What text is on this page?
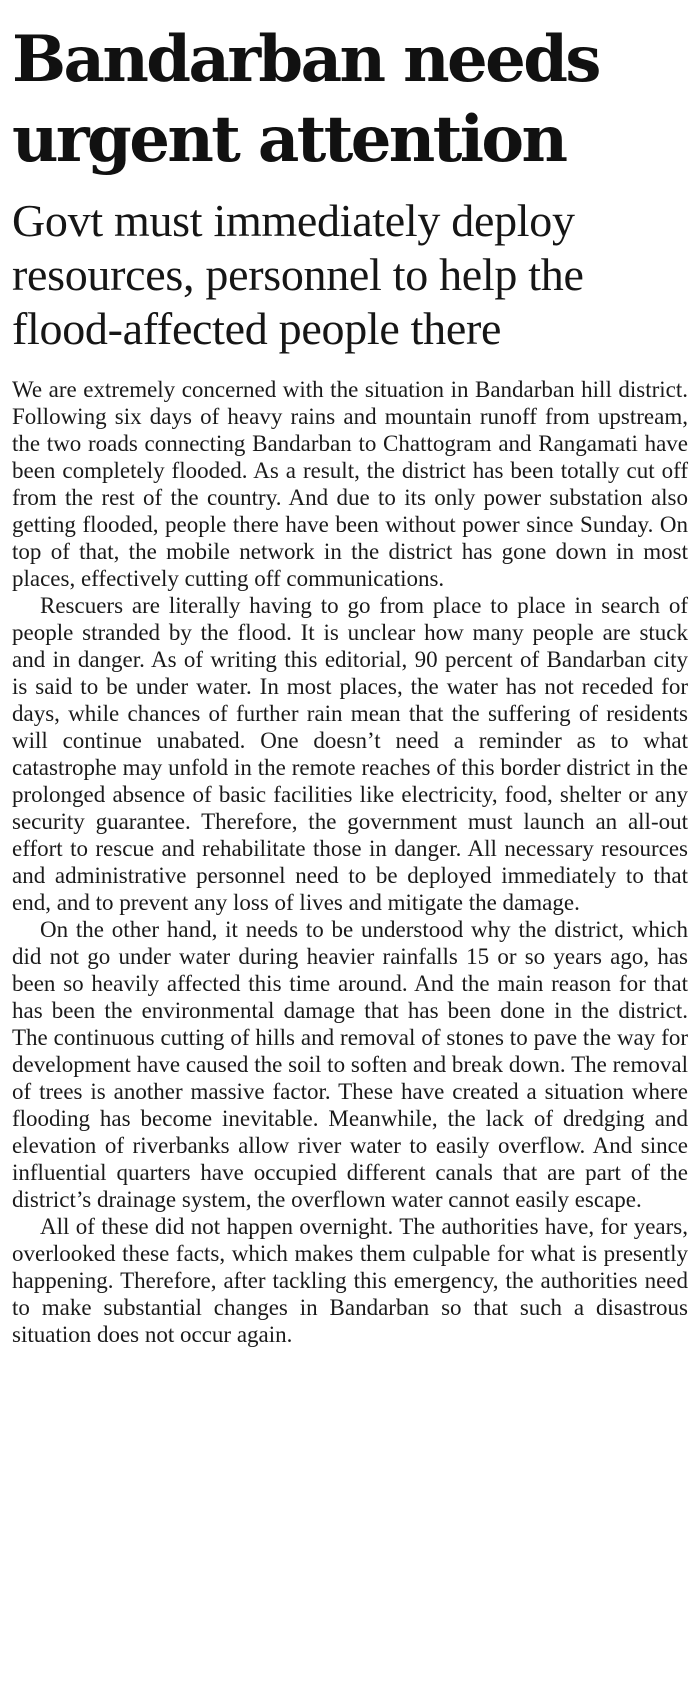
Bandarban needs urgent attention
Govt must immediately deploy resources, personnel to help the flood-affected people there

We are extremely concerned with the situation in Bandarban hill district. Following six days of heavy rains and mountain runoff from upstream, the two roads connecting Bandarban to Chattogram and Rangamati have been completely flooded. As a result, the district has been totally cut off from the rest of the country. And due to its only power substation also getting flooded, people there have been without power since Sunday. On top of that, the mobile network in the district has gone down in most places, effectively cutting off communications.

Rescuers are literally having to go from place to place in search of people stranded by the flood. It is unclear how many people are stuck and in danger. As of writing this editorial, 90 percent of Bandarban city is said to be under water. In most places, the water has not receded for days, while chances of further rain mean that the suffering of residents will continue unabated. One doesn’t need a reminder as to what catastrophe may unfold in the remote reaches of this border district in the prolonged absence of basic facilities like electricity, food, shelter or any security guarantee. Therefore, the government must launch an all-out effort to rescue and rehabilitate those in danger. All necessary resources and administrative personnel need to be deployed immediately to that end, and to prevent any loss of lives and mitigate the damage.

On the other hand, it needs to be understood why the district, which did not go under water during heavier rainfalls 15 or so years ago, has been so heavily affected this time around. And the main reason for that has been the environmental damage that has been done in the district. The continuous cutting of hills and removal of stones to pave the way for development have caused the soil to soften and break down. The removal of trees is another massive factor. These have created a situation where flooding has become inevitable. Meanwhile, the lack of dredging and elevation of riverbanks allow river water to easily overflow. And since influential quarters have occupied different canals that are part of the district’s drainage system, the overflown water cannot easily escape.

All of these did not happen overnight. The authorities have, for years, overlooked these facts, which makes them culpable for what is presently happening. Therefore, after tackling this emergency, the authorities need to make substantial changes in Bandarban so that such a disastrous situation does not occur again.
